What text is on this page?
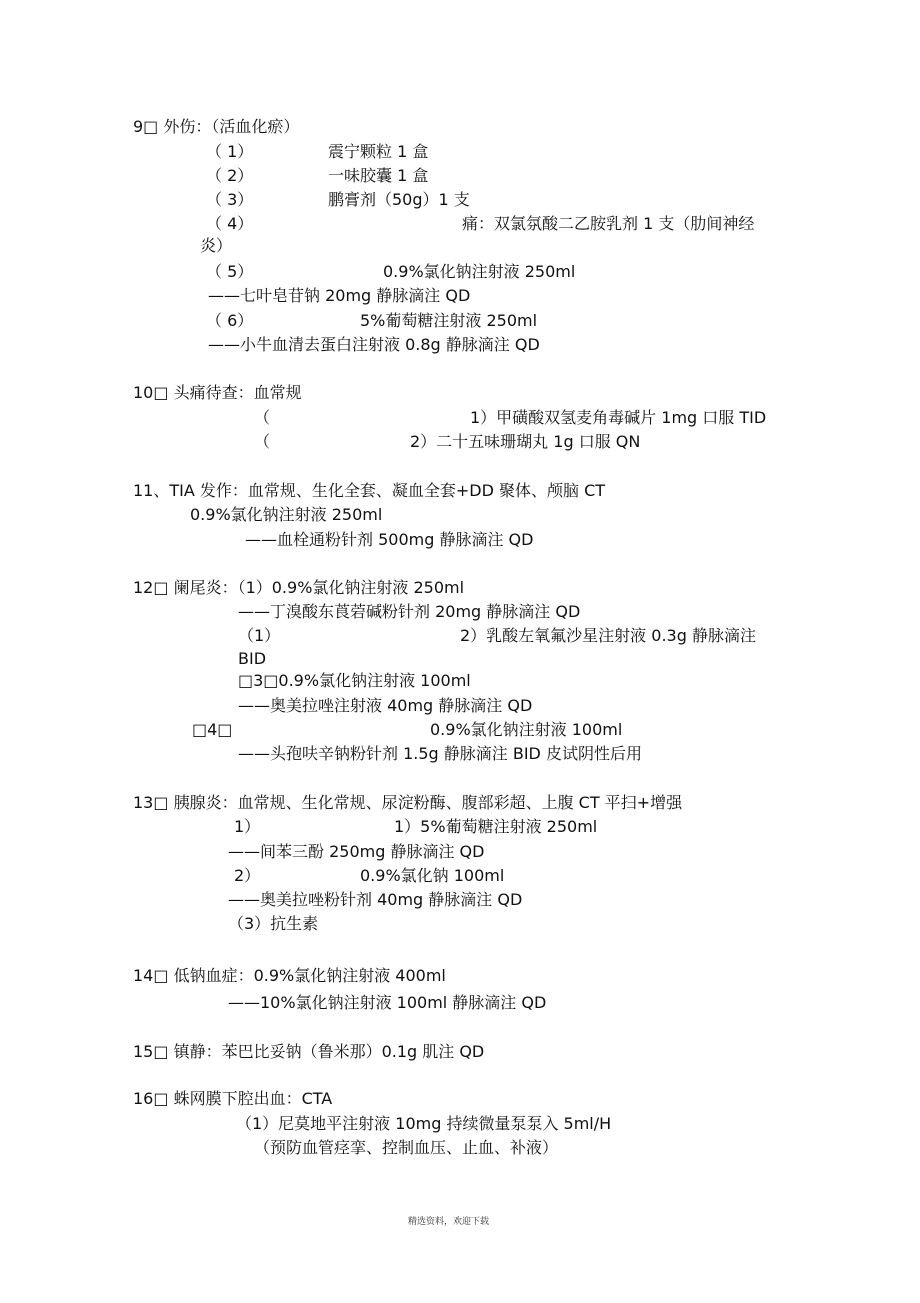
9□ 外伤：（活血化瘀）
（ 1）	震宁颗粒 1 盒
（ 2）	一味胶囊 1 盒
（ 3）	鹏膏剂（50g）1 支
（ 4）	痛：双氯氛酸二乙胺乳剂 1 支（肋间神经
炎）
（ 5）	0.9%氯化钠注射液 250ml
——七叶皂苷钠 20mg 静脉滴注 QD
（ 6）	5%葡萄糖注射液 250ml
——小牛血清去蛋白注射液 0.8g 静脉滴注 QD
10□ 头痛待查：血常规
（	1）甲磺酸双氢麦角毒碱片 1mg 口服 TID
（	2）二十五味珊瑚丸 1g 口服 QN
11、TIA 发作：血常规、生化全套、凝血全套+DD 聚体、颅脑 CT
0.9%氯化钠注射液 250ml
——血栓通粉针剂 500mg 静脉滴注 QD
12□ 阑尾炎：（1）0.9%氯化钠注射液 250ml
——丁溴酸东莨菪碱粉针剂 20mg 静脉滴注 QD
（1）	2）乳酸左氧氟沙星注射液 0.3g 静脉滴注
BID
□3□0.9%氯化钠注射液 100ml
——奥美拉唑注射液 40mg 静脉滴注 QD
□4□	0.9%氯化钠注射液 100ml
——头孢呋辛钠粉针剂 1.5g 静脉滴注 BID 皮试阴性后用
13□ 胰腺炎：血常规、生化常规、尿淀粉酶、腹部彩超、上腹 CT 平扫+增强
1）	1）5%葡萄糖注射液 250ml
——间苯三酚 250mg 静脉滴注 QD
2）	0.9%氯化钠 100ml
——奥美拉唑粉针剂 40mg 静脉滴注 QD
（3）抗生素
14□ 低钠血症：0.9%氯化钠注射液 400ml
——10%氯化钠注射液 100ml 静脉滴注 QD
15□ 镇静：苯巴比妥钠（鲁米那）0.1g 肌注 QD
16□ 蛛网膜下腔出血：CTA
（1）尼莫地平注射液 10mg 持续微量泵泵入 5ml/H
（预防血管痉挛、控制血压、止血、补液）
精选资料，欢迎下载
